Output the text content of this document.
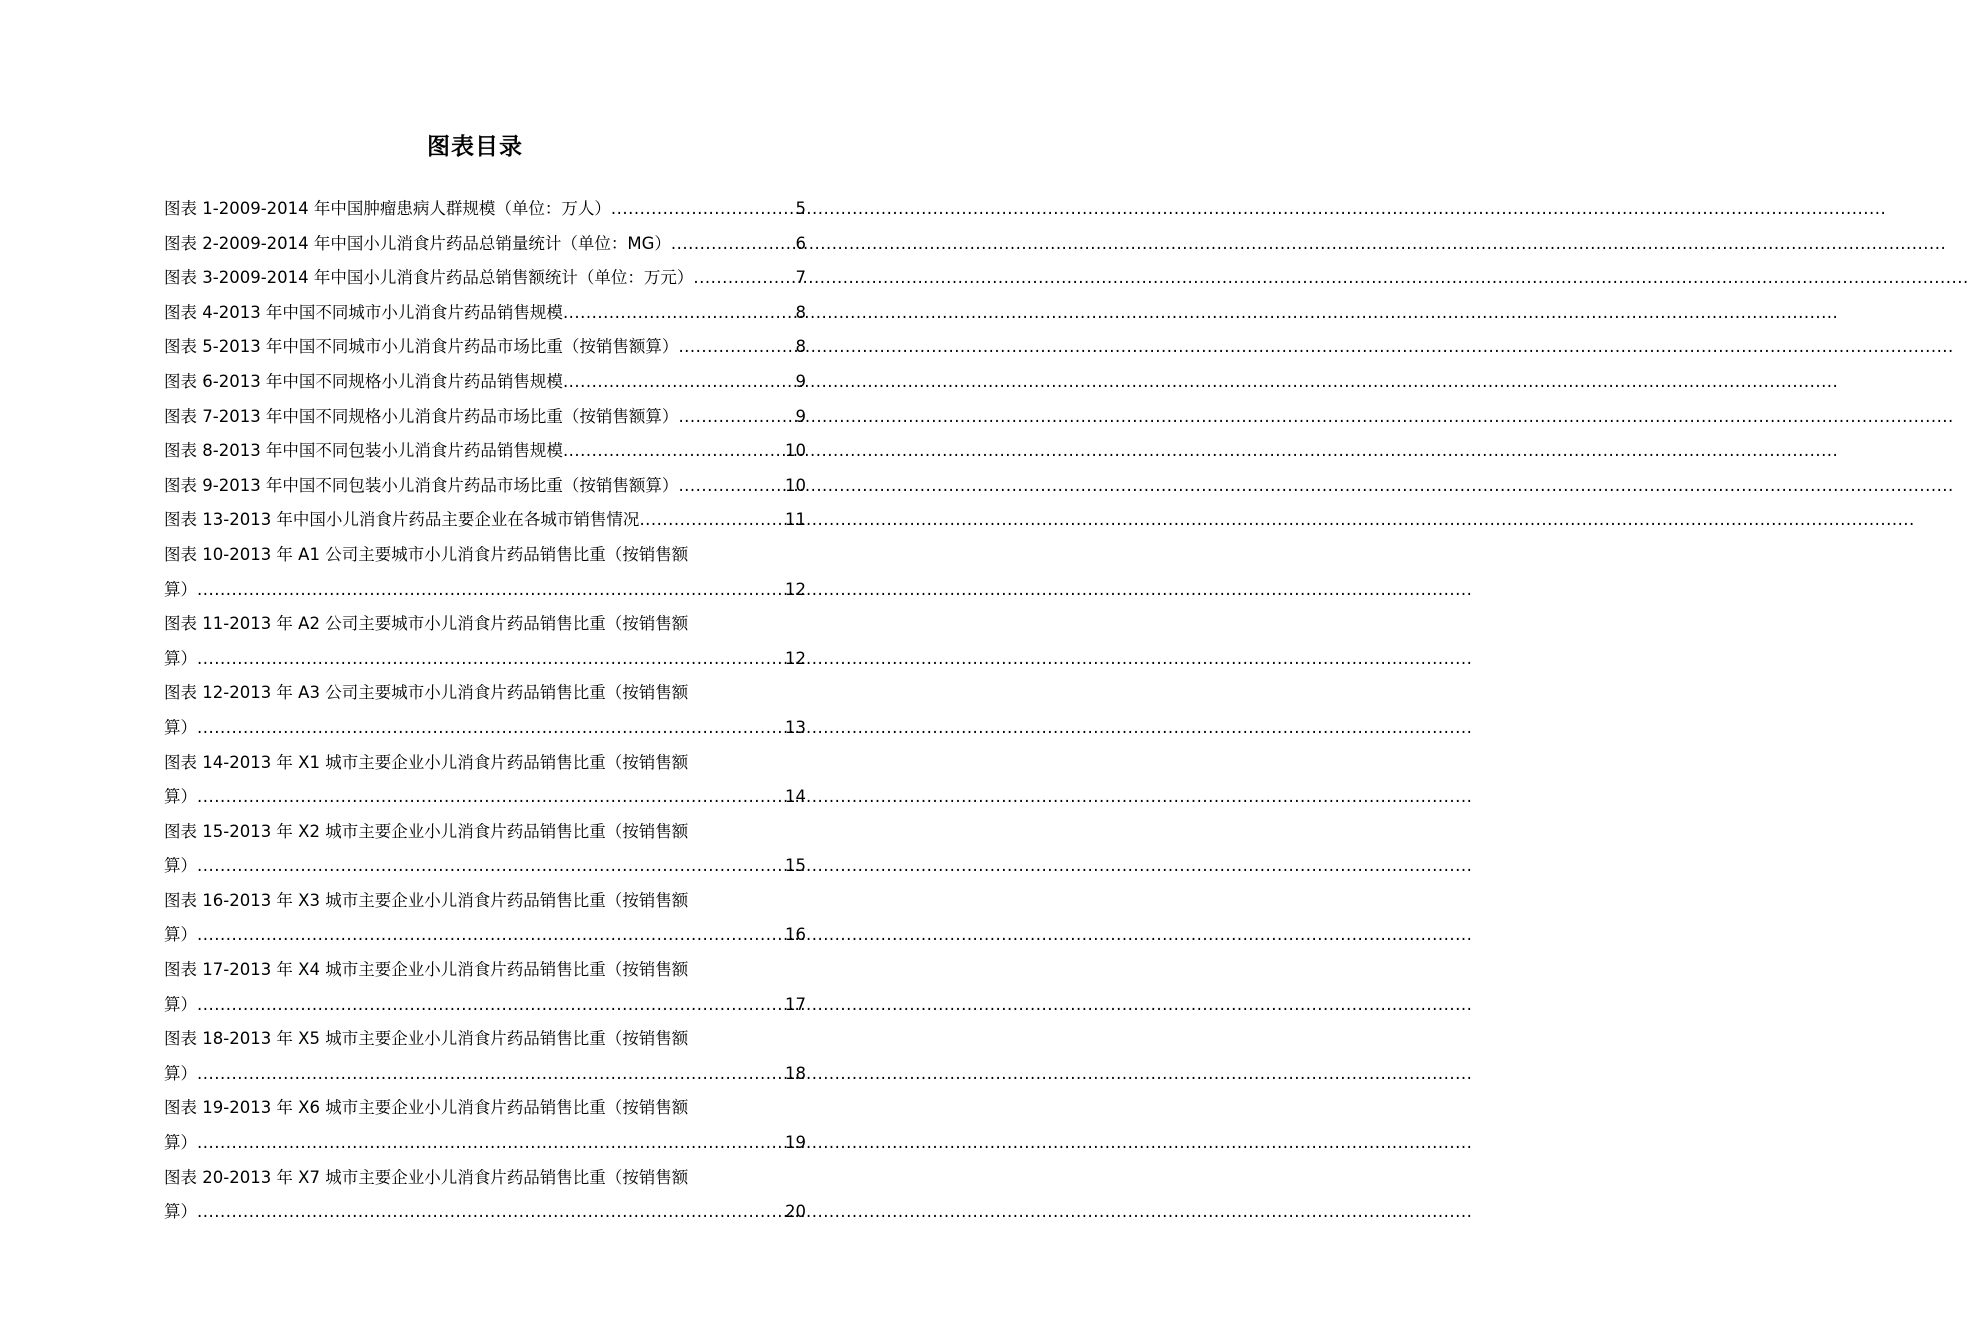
图表目录
图表 1-2009-2014 年中国肿瘤患病人群规模（单位：万人） .....	5
图表 2-2009-2014 年中国小儿消食片药品总销量统计（单位：MG） .....	6
图表 3-2009-2014 年中国小儿消食片药品总销售额统计（单位：万元） .....	7
图表 4-2013 年中国不同城市小儿消食片药品销售规模 .....	8
图表 5-2013 年中国不同城市小儿消食片药品市场比重（按销售额算） .....	8
图表 6-2013 年中国不同规格小儿消食片药品销售规模 .....	9
图表 7-2013 年中国不同规格小儿消食片药品市场比重（按销售额算） .....	9
图表 8-2013 年中国不同包装小儿消食片药品销售规模 .....	10
图表 9-2013 年中国不同包装小儿消食片药品市场比重（按销售额算） .....	10
图表 13-2013 年中国小儿消食片药品主要企业在各城市销售情况 .....	11
图表 10-2013 年 A1 公司主要城市小儿消食片药品销售比重（按销售额
算） .....	12
图表 11-2013 年 A2 公司主要城市小儿消食片药品销售比重（按销售额
算） .....	12
图表 12-2013 年 A3 公司主要城市小儿消食片药品销售比重（按销售额
算） .....	13
图表 14-2013 年 X1 城市主要企业小儿消食片药品销售比重（按销售额
算） .....	14
图表 15-2013 年 X2 城市主要企业小儿消食片药品销售比重（按销售额
算） .....	15
图表 16-2013 年 X3 城市主要企业小儿消食片药品销售比重（按销售额
算） .....	16
图表 17-2013 年 X4 城市主要企业小儿消食片药品销售比重（按销售额
算） .....	17
图表 18-2013 年 X5 城市主要企业小儿消食片药品销售比重（按销售额
算） .....	18
图表 19-2013 年 X6 城市主要企业小儿消食片药品销售比重（按销售额
算） .....	19
图表 20-2013 年 X7 城市主要企业小儿消食片药品销售比重（按销售额
算） .....	20
